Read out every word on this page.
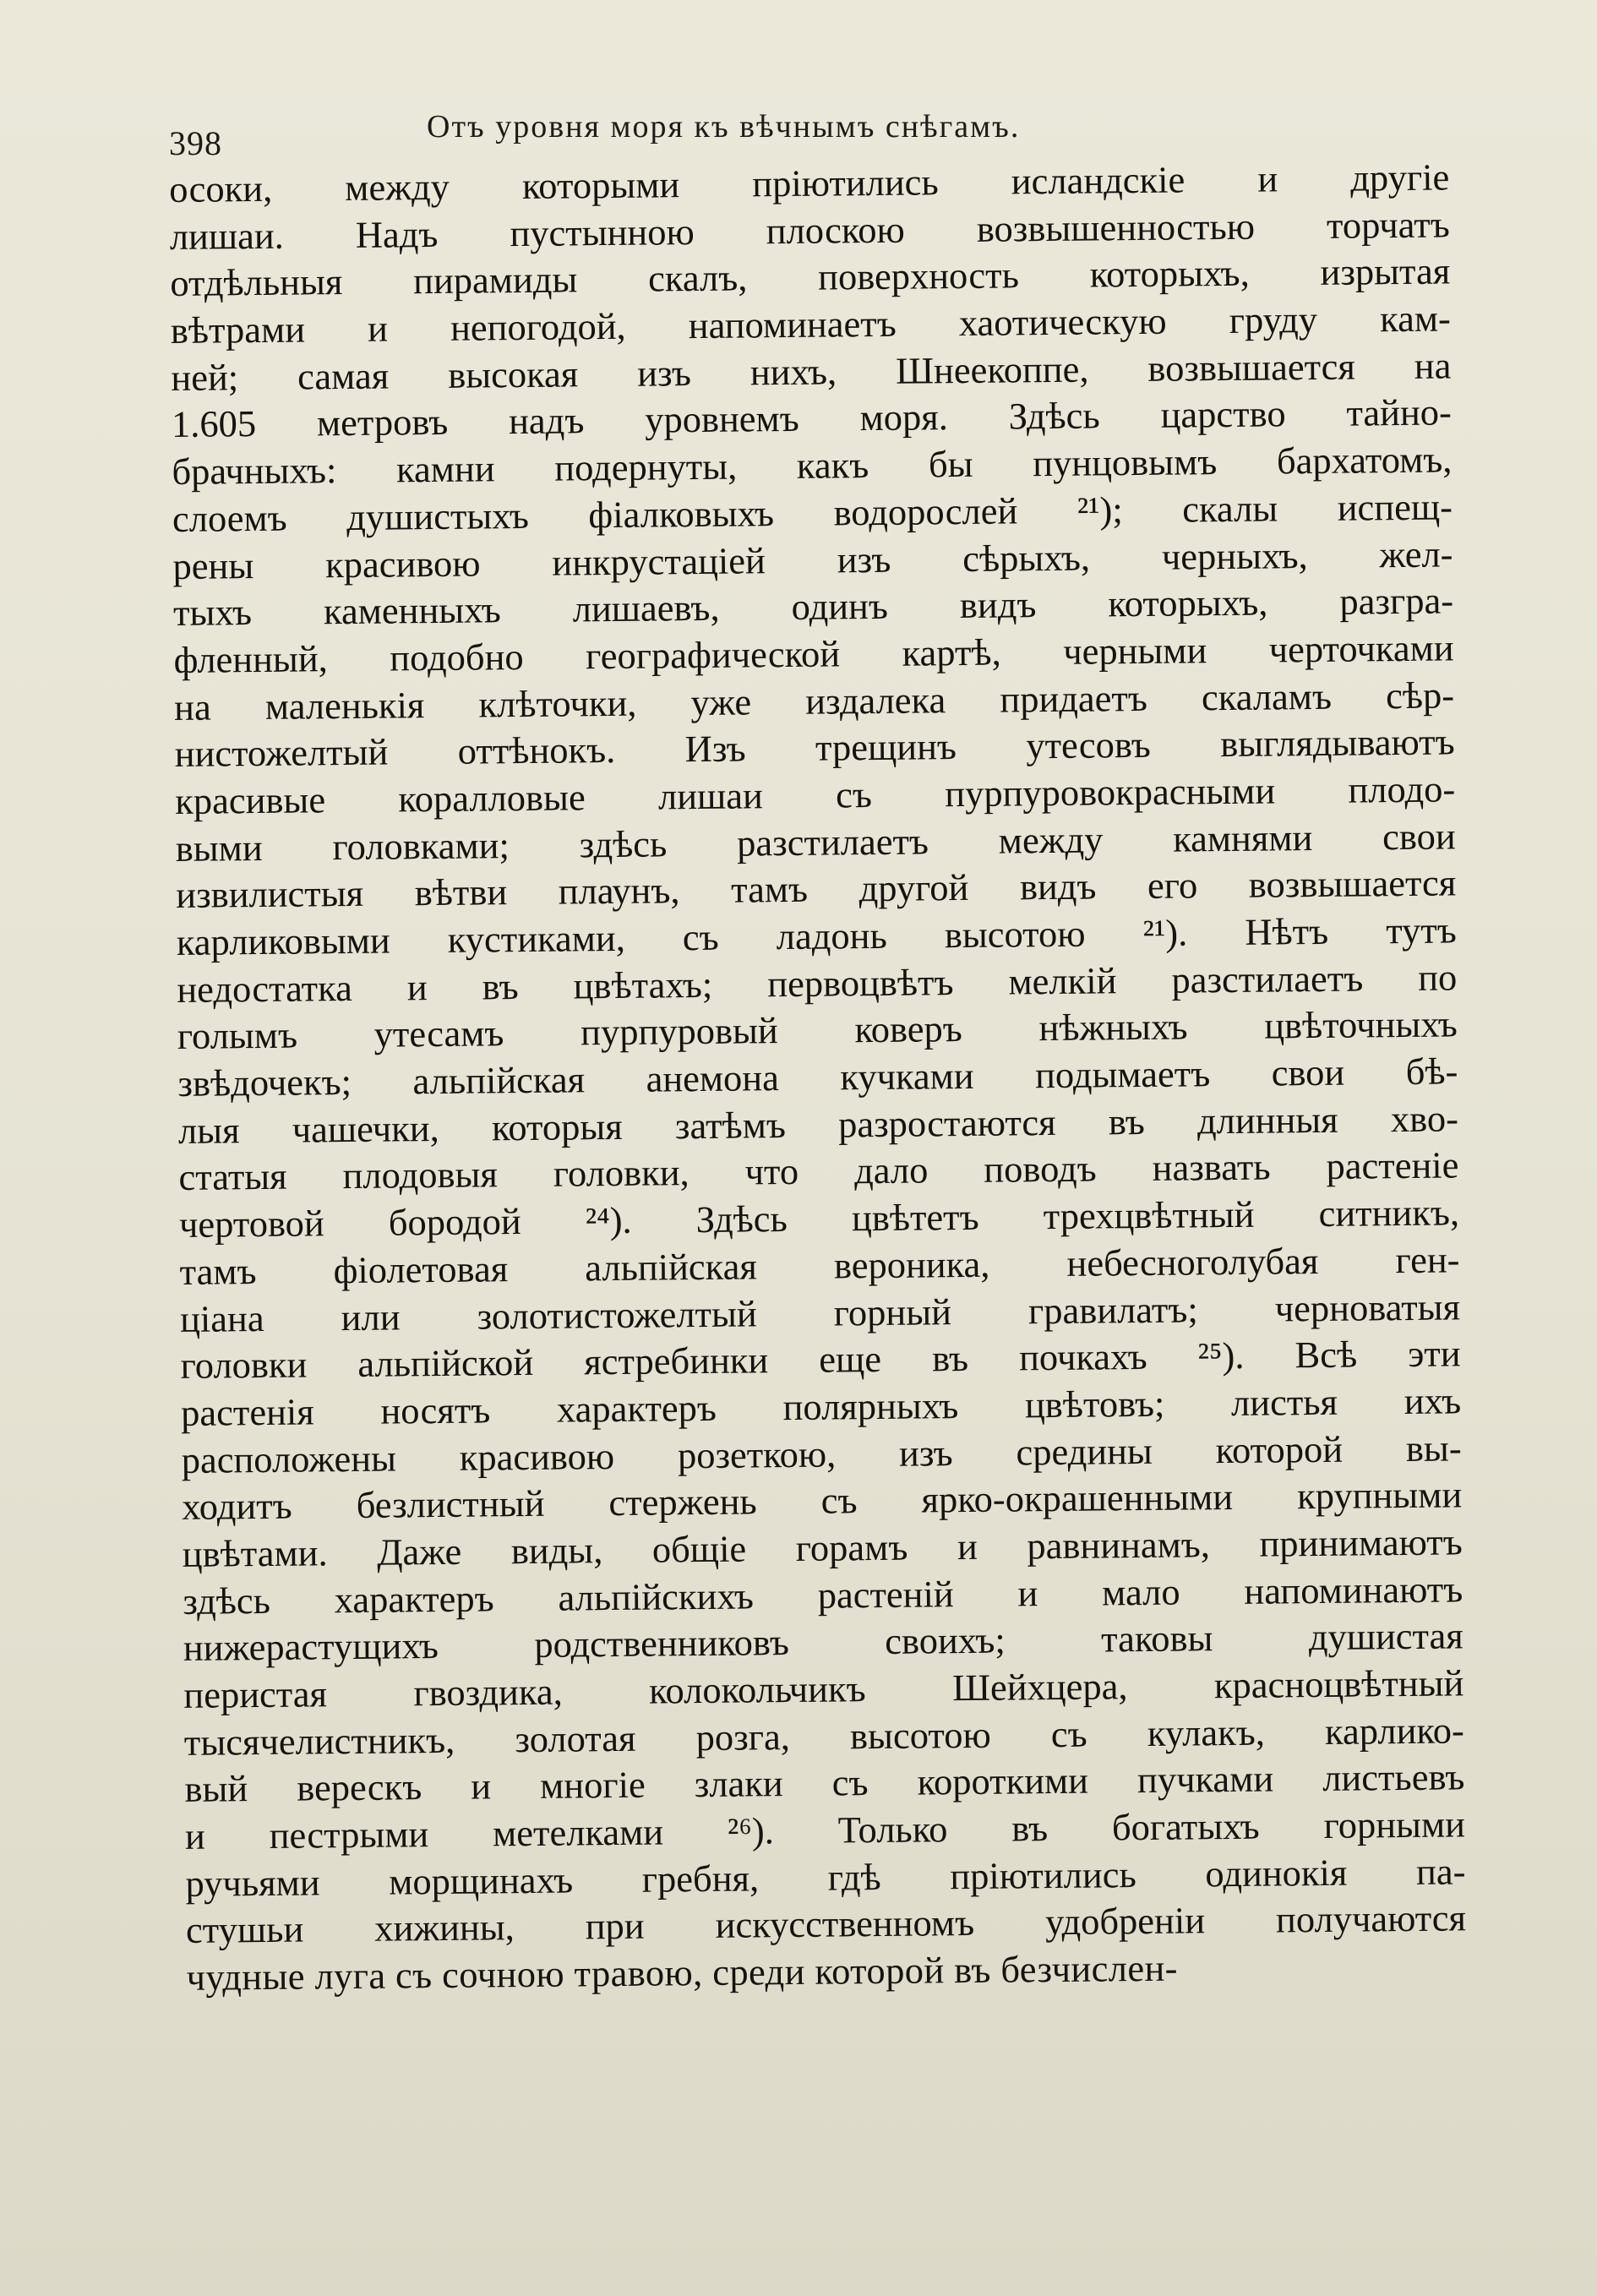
398	Отъ уровня моря къ вѣчнымъ снѣгамъ.
осоки, между которыми пріютились исландскіе и другіе
лишаи. Надъ пустынною плоскою возвышенностью торчатъ
отдѣльныя пирамиды скалъ, поверхность которыхъ, изрытая
вѣтрами и непогодой, напоминаетъ хаотическую груду кам-
ней; самая высокая изъ нихъ, Шнеекоппе, возвышается на
1.605 метровъ надъ уровнемъ моря. Здѣсь царство тайно-
брачныхъ: камни подернуты, какъ бы пунцовымъ бархатомъ,
слоемъ душистыхъ фіалковыхъ водорослей ²¹); скалы испещ-
рены красивою инкрустаціей изъ сѣрыхъ, черныхъ, жел-
тыхъ каменныхъ лишаевъ, одинъ видъ которыхъ, разгра-
фленный, подобно географической картѣ, черными черточками
на маленькія клѣточки, уже издалека придаетъ скаламъ сѣр-
нистожелтый оттѣнокъ. Изъ трещинъ утесовъ выглядываютъ
красивые коралловые лишаи съ пурпуровокрасными плодо-
выми головками; здѣсь разстилаетъ между камнями свои
извилистыя вѣтви плаунъ, тамъ другой видъ его возвышается
карликовыми кустиками, съ ладонь высотою ²¹). Нѣтъ тутъ
недостатка и въ цвѣтахъ; первоцвѣтъ мелкій разстилаетъ по
голымъ утесамъ пурпуровый коверъ нѣжныхъ цвѣточныхъ
звѣдочекъ; альпійская анемона кучками подымаетъ свои бѣ-
лыя чашечки, которыя затѣмъ разростаются въ длинныя хво-
статыя плодовыя головки, что дало поводъ назвать растеніе
чертовой бородой ²⁴). Здѣсь цвѣтетъ трехцвѣтный ситникъ,
тамъ фіолетовая альпійская вероника, небесноголубая ген-
ціана или золотистожелтый горный гравилатъ; черноватыя
головки альпійской ястребинки еще въ почкахъ ²⁵). Всѣ эти
растенія носятъ характеръ полярныхъ цвѣтовъ; листья ихъ
расположены красивою розеткою, изъ средины которой вы-
ходитъ безлистный стержень съ ярко-окрашенными крупными
цвѣтами. Даже виды, общіе горамъ и равнинамъ, принимаютъ
здѣсь характеръ альпійскихъ растеній и мало напоминаютъ
нижерастущихъ родственниковъ своихъ; таковы душистая
перистая гвоздика, колокольчикъ Шейхцера, красноцвѣтный
тысячелистникъ, золотая розга, высотою съ кулакъ, карлико-
вый верескъ и многіе злаки съ короткими пучками листьевъ
и пестрыми метелками ²⁶). Только въ богатыхъ горными
ручьями морщинахъ гребня, гдѣ пріютились одинокія па-
стушьи хижины, при искусственномъ удобреніи получаются
чудные луга съ сочною травою, среди которой въ безчислен-
